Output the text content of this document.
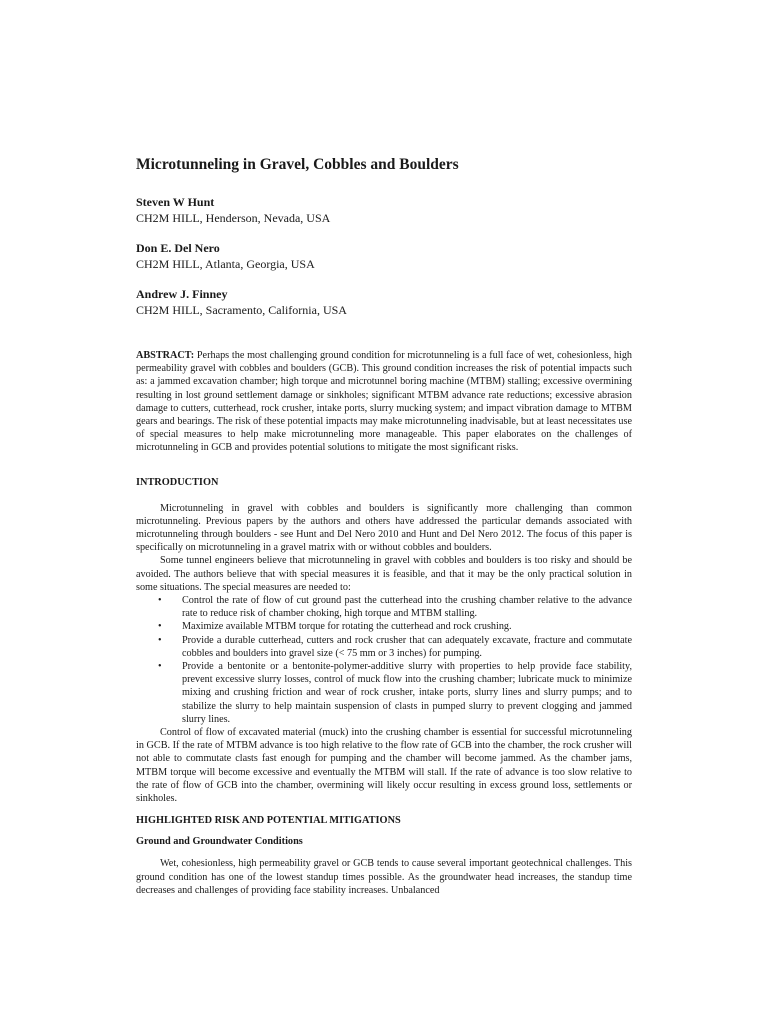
Microtunneling in Gravel, Cobbles and Boulders
Steven W Hunt
CH2M HILL, Henderson, Nevada, USA
Don E. Del Nero
CH2M HILL, Atlanta, Georgia, USA
Andrew J. Finney
CH2M HILL, Sacramento, California, USA
ABSTRACT: Perhaps the most challenging ground condition for microtunneling is a full face of wet, cohesionless, high permeability gravel with cobbles and boulders (GCB). This ground condition increases the risk of potential impacts such as: a jammed excavation chamber; high torque and microtunnel boring machine (MTBM) stalling; excessive overmining resulting in lost ground settlement damage or sinkholes; significant MTBM advance rate reductions; excessive abrasion damage to cutters, cutterhead, rock crusher, intake ports, slurry mucking system; and impact vibration damage to MTBM gears and bearings. The risk of these potential impacts may make microtunneling inadvisable, but at least necessitates use of special measures to help make microtunneling more manageable. This paper elaborates on the challenges of microtunneling in GCB and provides potential solutions to mitigate the most significant risks.
INTRODUCTION

Microtunneling in gravel with cobbles and boulders is significantly more challenging than common microtunneling. Previous papers by the authors and others have addressed the particular demands associated with microtunneling through boulders - see Hunt and Del Nero 2010 and Hunt and Del Nero 2012. The focus of this paper is specifically on microtunneling in a gravel matrix with or without cobbles and boulders.

Some tunnel engineers believe that microtunneling in gravel with cobbles and boulders is too risky and should be avoided. The authors believe that with special measures it is feasible, and that it may be the only practical solution in some situations. The special measures are needed to:

• Control the rate of flow of cut ground past the cutterhead into the crushing chamber relative to the advance rate to reduce risk of chamber choking, high torque and MTBM stalling.
• Maximize available MTBM torque for rotating the cutterhead and rock crushing.
• Provide a durable cutterhead, cutters and rock crusher that can adequately excavate, fracture and commutate cobbles and boulders into gravel size (< 75 mm or 3 inches) for pumping.
• Provide a bentonite or a bentonite-polymer-additive slurry with properties to help provide face stability, prevent excessive slurry losses, control of muck flow into the crushing chamber; lubricate muck to minimize mixing and crushing friction and wear of rock crusher, intake ports, slurry lines and slurry pumps; and to stabilize the slurry to help maintain suspension of clasts in pumped slurry to prevent clogging and jammed slurry lines.

Control of flow of excavated material (muck) into the crushing chamber is essential for successful microtunneling in GCB. If the rate of MTBM advance is too high relative to the flow rate of GCB into the chamber, the rock crusher will not able to commutate clasts fast enough for pumping and the chamber will become jammed. As the chamber jams, MTBM torque will become excessive and eventually the MTBM will stall. If the rate of advance is too slow relative to the rate of flow of GCB into the chamber, overmining will likely occur resulting in excess ground loss, settlements or sinkholes.

HIGHLIGHTED RISK AND POTENTIAL MITIGATIONS
Ground and Groundwater Conditions

Wet, cohesionless, high permeability gravel or GCB tends to cause several important geotechnical challenges. This ground condition has one of the lowest standup times possible. As the groundwater head increases, the standup time decreases and challenges of providing face stability increases. Unbalanced
